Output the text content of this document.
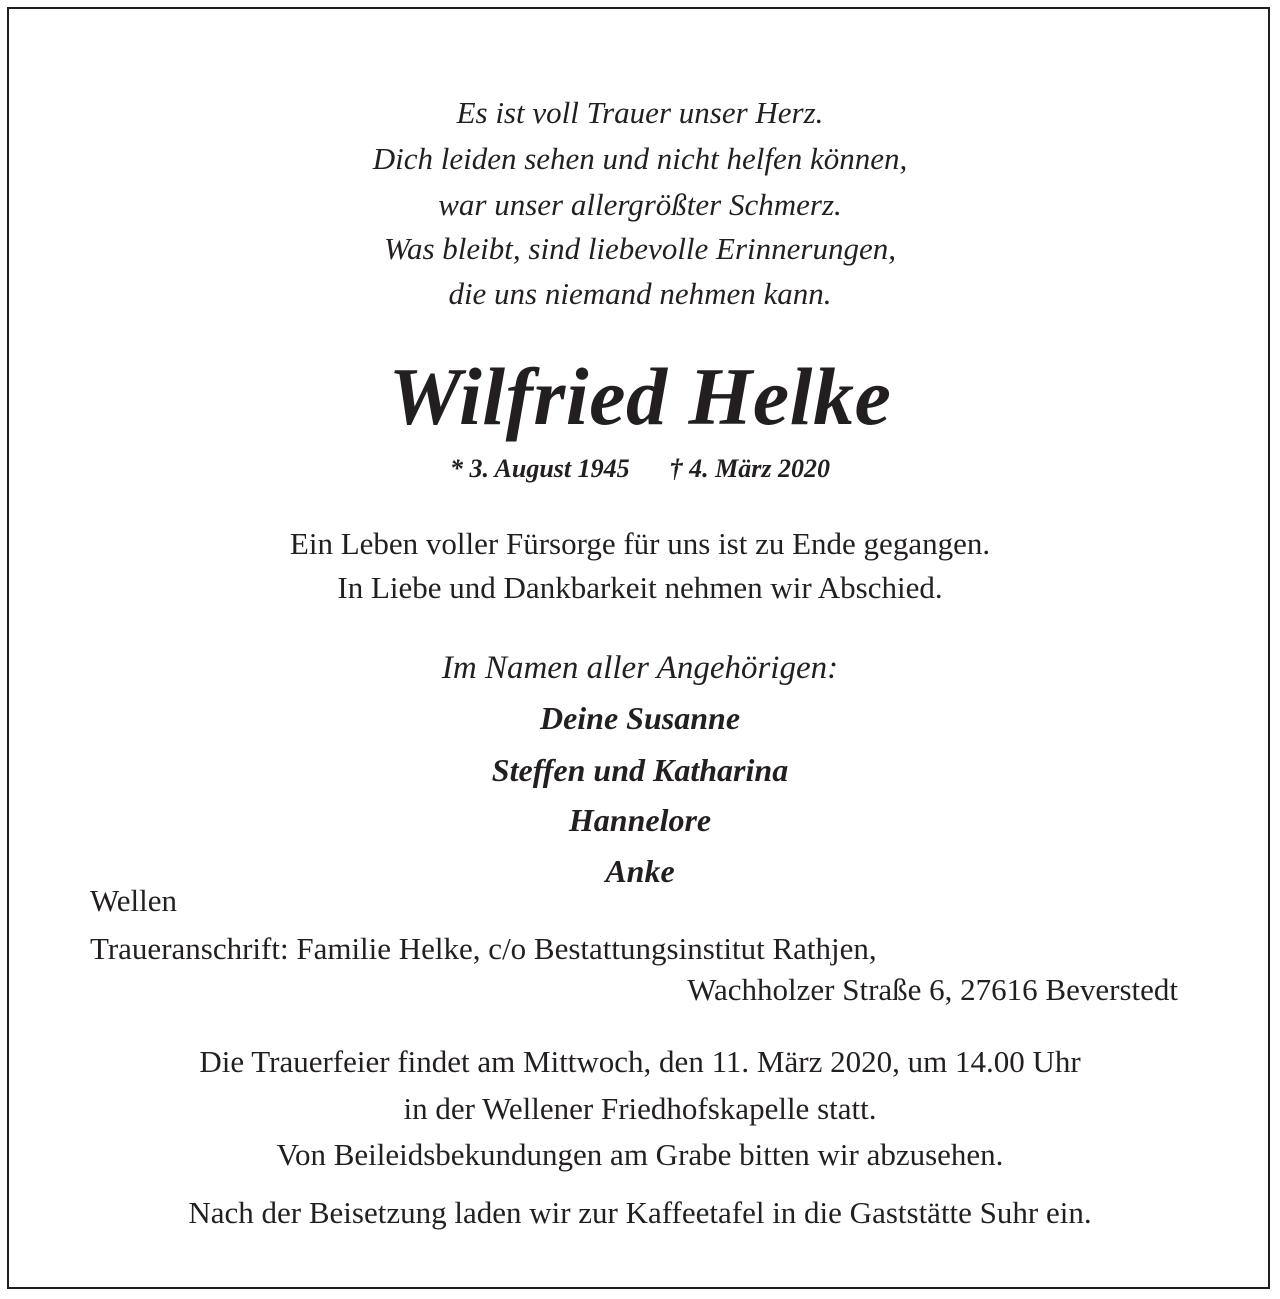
Es ist voll Trauer unser Herz.
Dich leiden sehen und nicht helfen können,
war unser allergrößter Schmerz.
Was bleibt, sind liebevolle Erinnerungen,
die uns niemand nehmen kann.
Wilfried Helke
* 3. August 1945 † 4. März 2020
Ein Leben voller Fürsorge für uns ist zu Ende gegangen.
In Liebe und Dankbarkeit nehmen wir Abschied.
Im Namen aller Angehörigen:
Deine Susanne
Steffen und Katharina
Hannelore
Anke
Wellen
Traueranschrift: Familie Helke, c/o Bestattungsinstitut Rathjen,
Wachholzer Straße 6, 27616 Beverstedt
Die Trauerfeier findet am Mittwoch, den 11. März 2020, um 14.00 Uhr
in der Wellener Friedhofskapelle statt.
Von Beileidsbekundungen am Grabe bitten wir abzusehen.
Nach der Beisetzung laden wir zur Kaffeetafel in die Gaststätte Suhr ein.
